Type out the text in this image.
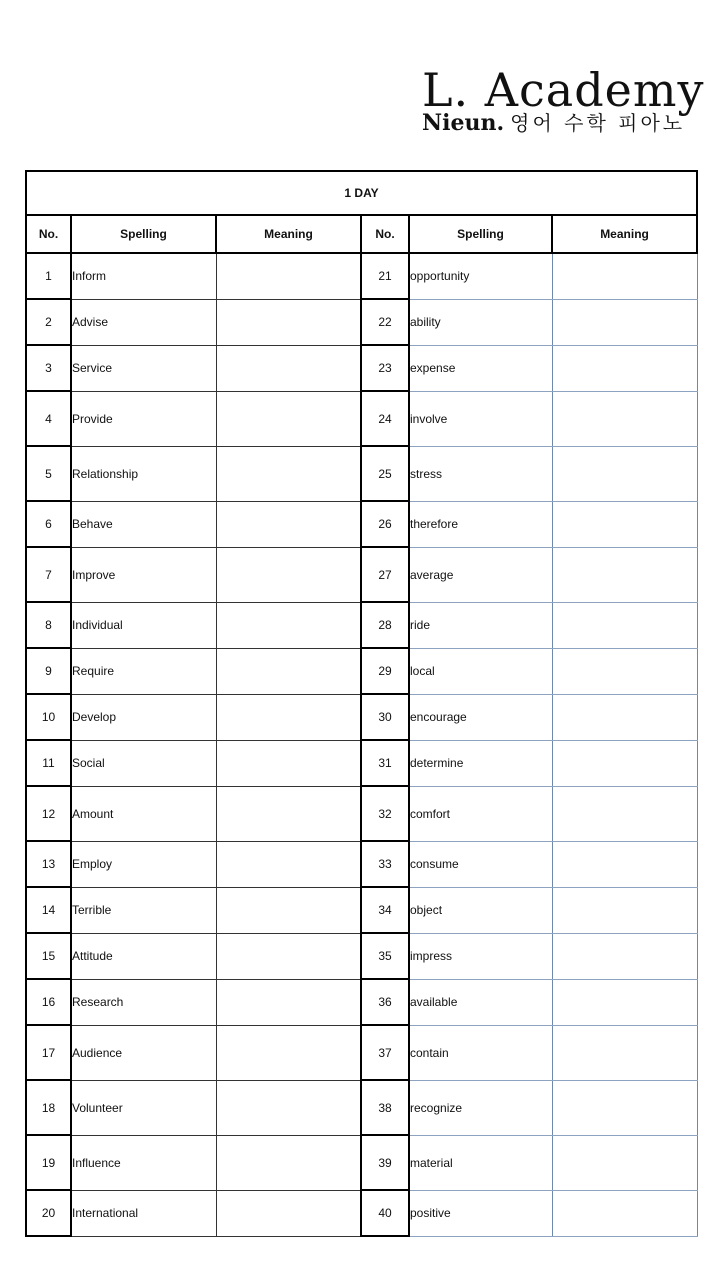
L. Academy
Nieun. 영어 수학 피아노
1 DAY					
No.	Spelling	Meaning	No.	Spelling	Meaning
1	Inform		21	opportunity	
2	Advise		22	ability	
3	Service		23	expense	
4	Provide		24	involve	
5	Relationship		25	stress	
6	Behave		26	therefore	
7	Improve		27	average	
8	Individual		28	ride	
9	Require		29	local	
10	Develop		30	encourage	
11	Social		31	determine	
12	Amount		32	comfort	
13	Employ		33	consume	
14	Terrible		34	object	
15	Attitude		35	impress	
16	Research		36	available	
17	Audience		37	contain	
18	Volunteer		38	recognize	
19	Influence		39	material	
20	International		40	positive	
